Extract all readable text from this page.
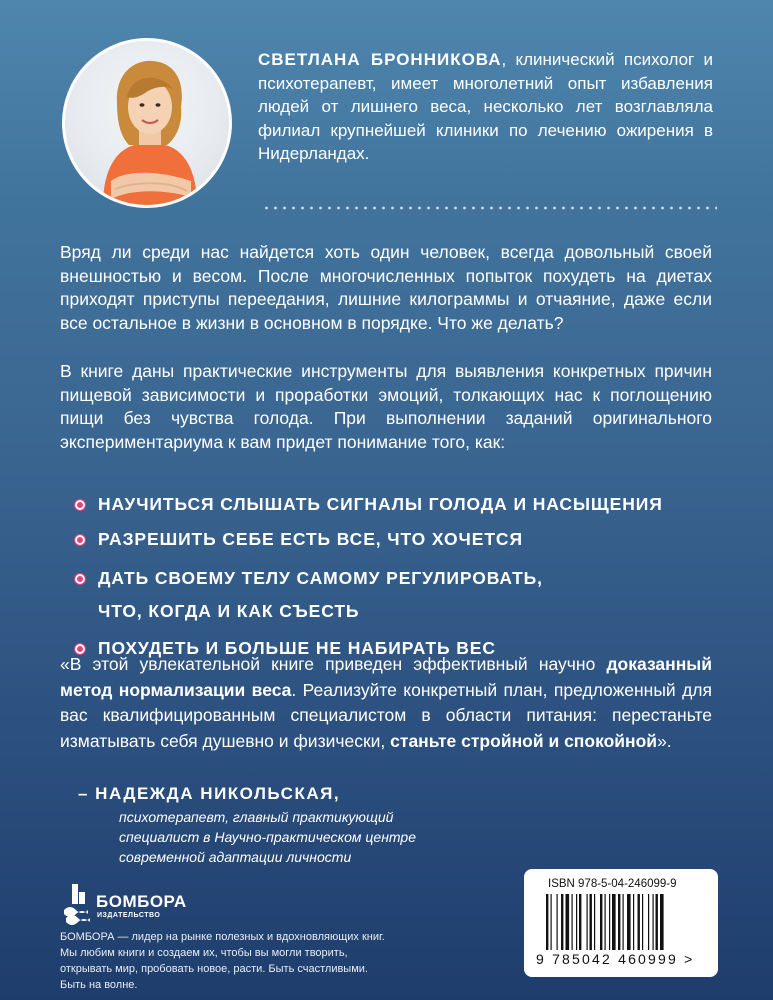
СВЕТЛАНА БРОННИКОВА, клинический психолог и психотерапевт, имеет многолетний опыт избавления людей от лишнего веса, несколько лет возглавляла филиал крупнейшей клиники по лечению ожирения в Нидерландах.

Вряд ли среди нас найдется хоть один человек, всегда довольный своей внешностью и весом. После многочисленных попыток похудеть на диетах приходят приступы переедания, лишние килограммы и отчаяние, даже если все остальное в жизни в основном в порядке. Что же делать?

В книге даны практические инструменты для выявления конкретных причин пищевой зависимости и проработки эмоций, толкающих нас к поглощению пищи без чувства голода. При выполнении заданий оригинального экспериментариума к вам придет понимание того, как:

НАУЧИТЬСЯ СЛЫШАТЬ СИГНАЛЫ ГОЛОДА И НАСЫЩЕНИЯ
РАЗРЕШИТЬ СЕБЕ ЕСТЬ ВСЕ, ЧТО ХОЧЕТСЯ
ДАТЬ СВОЕМУ ТЕЛУ САМОМУ РЕГУЛИРОВАТЬ, ЧТО, КОГДА И КАК СЪЕСТЬ
ПОХУДЕТЬ И БОЛЬШЕ НЕ НАБИРАТЬ ВЕС

«В этой увлекательной книге приведен эффективный научно доказанный метод нормализации веса. Реализуйте конкретный план, предложенный для вас квалифицированным специалистом в области питания: перестаньте изматывать себя душевно и физически, станьте стройной и спокойной».

– НАДЕЖДА НИКОЛЬСКАЯ,

психотерапевт, главный практикующий специалист в Научно-практическом центре современной адаптации личности

БОМБОРА
ИЗДАТЕЛЬСТВО

БОМБОРА — лидер на рынке полезных и вдохновляющих книг. Мы любим книги и создаем их, чтобы вы могли творить, открывать мир, пробовать новое, расти. Быть счастливыми. Быть на волне.

ISBN 978-5-04-246099-9
9 785042 460999 >
